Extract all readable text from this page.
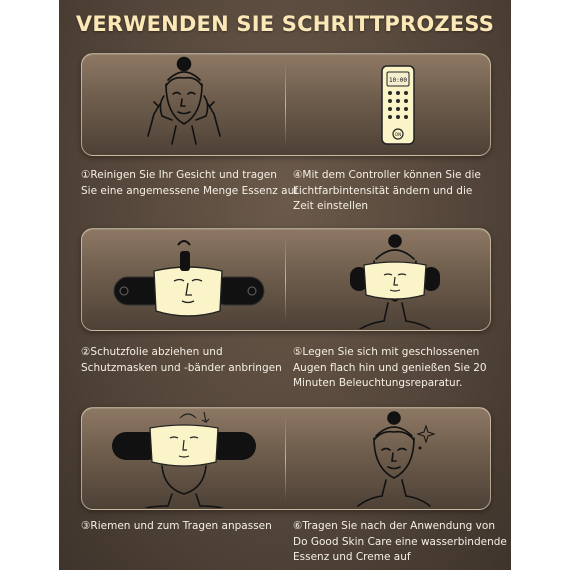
VERWENDEN SIE SCHRITTPROZESS
10:00
ON
①Reinigen Sie Ihr Gesicht und tragen
Sie eine angemessene Menge Essenz auf
④Mit dem Controller können Sie die
Lichtfarbintensität ändern und die
Zeit einstellen
②Schutzfolie abziehen und
Schutzmasken und -bänder anbringen
⑤Legen Sie sich mit geschlossenen
Augen flach hin und genießen Sie 20
Minuten Beleuchtungsreparatur.
③Riemen und zum Tragen anpassen ⑥Tragen Sie nach der Anwendung von
Do Good Skin Care eine wasserbindende
Essenz und Creme auf
